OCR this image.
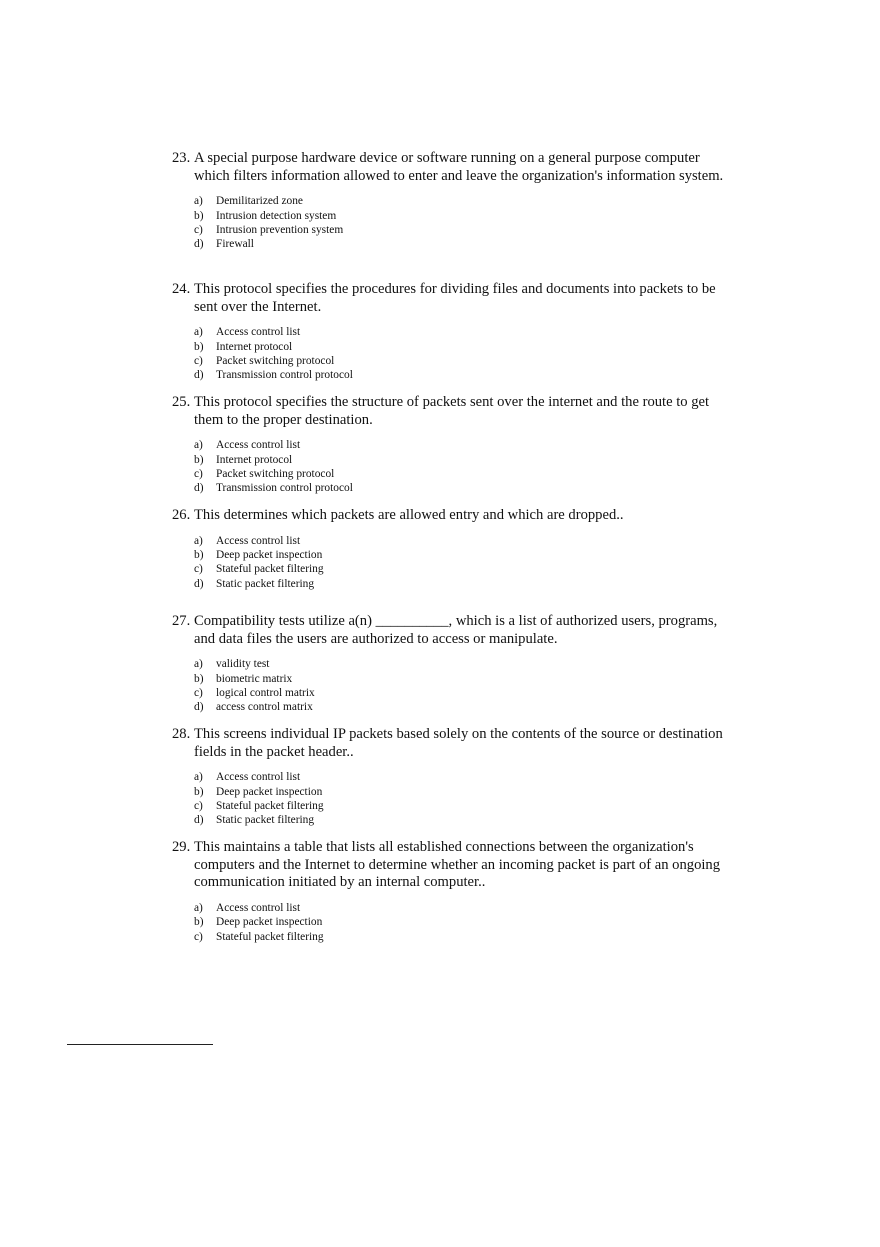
23. A special purpose hardware device or software running on a general purpose computer which filters information allowed to enter and leave the organization's information system.

a)	Demilitarized zone
b)	Intrusion detection system
c)	Intrusion prevention system
d)	Firewall

24. This protocol specifies the procedures for dividing files and documents into packets to be sent over the Internet.

a)	Access control list
b)	Internet protocol
c)	Packet switching protocol
d)	Transmission control protocol

25. This protocol specifies the structure of packets sent over the internet and the route to get them to the proper destination.

a)	Access control list
b)	Internet protocol
c)	Packet switching protocol
d)	Transmission control protocol

26. This determines which packets are allowed entry and which are dropped..

a)	Access control list
b)	Deep packet inspection
c)	Stateful packet filtering
d)	Static packet filtering

27. Compatibility tests utilize a(n) __________, which is a list of authorized users, programs, and data files the users are authorized to access or manipulate.

a)	validity test
b)	biometric matrix
c)	logical control matrix
d)	access control matrix

28. This screens individual IP packets based solely on the contents of the source or destination fields in the packet header..

a)	Access control list
b)	Deep packet inspection
c)	Stateful packet filtering
d)	Static packet filtering

29. This maintains a table that lists all established connections between the organization's computers and the Internet to determine whether an incoming packet is part of an ongoing communication initiated by an internal computer..

a)	Access control list
b)	Deep packet inspection
c)	Stateful packet filtering
